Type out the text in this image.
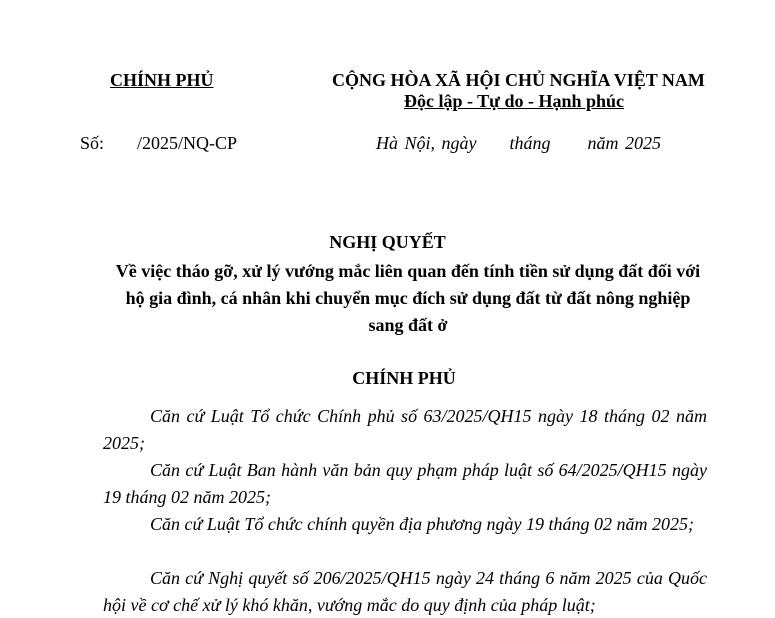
CHÍNH PHỦ	CỘNG HÒA XÃ HỘI CHỦ NGHĨA VIỆT NAM
Độc lập - Tự do - Hạnh phúc
Số: /2025/NQ-CP	Hà Nội, ngày tháng năm 2025
NGHỊ QUYẾT
Về việc tháo gỡ, xử lý vướng mắc liên quan đến tính tiền sử dụng đất đối với hộ gia đình, cá nhân khi chuyển mục đích sử dụng đất từ đất nông nghiệp sang đất ở
CHÍNH PHỦ
Căn cứ Luật Tổ chức Chính phủ số 63/2025/QH15 ngày 18 tháng 02 năm 2025;
Căn cứ Luật Ban hành văn bản quy phạm pháp luật số 64/2025/QH15 ngày 19 tháng 02 năm 2025;
Căn cứ Luật Tổ chức chính quyền địa phương ngày 19 tháng 02 năm 2025;
Căn cứ Nghị quyết số 206/2025/QH15 ngày 24 tháng 6 năm 2025 của Quốc hội về cơ chế xử lý khó khăn, vướng mắc do quy định của pháp luật;
